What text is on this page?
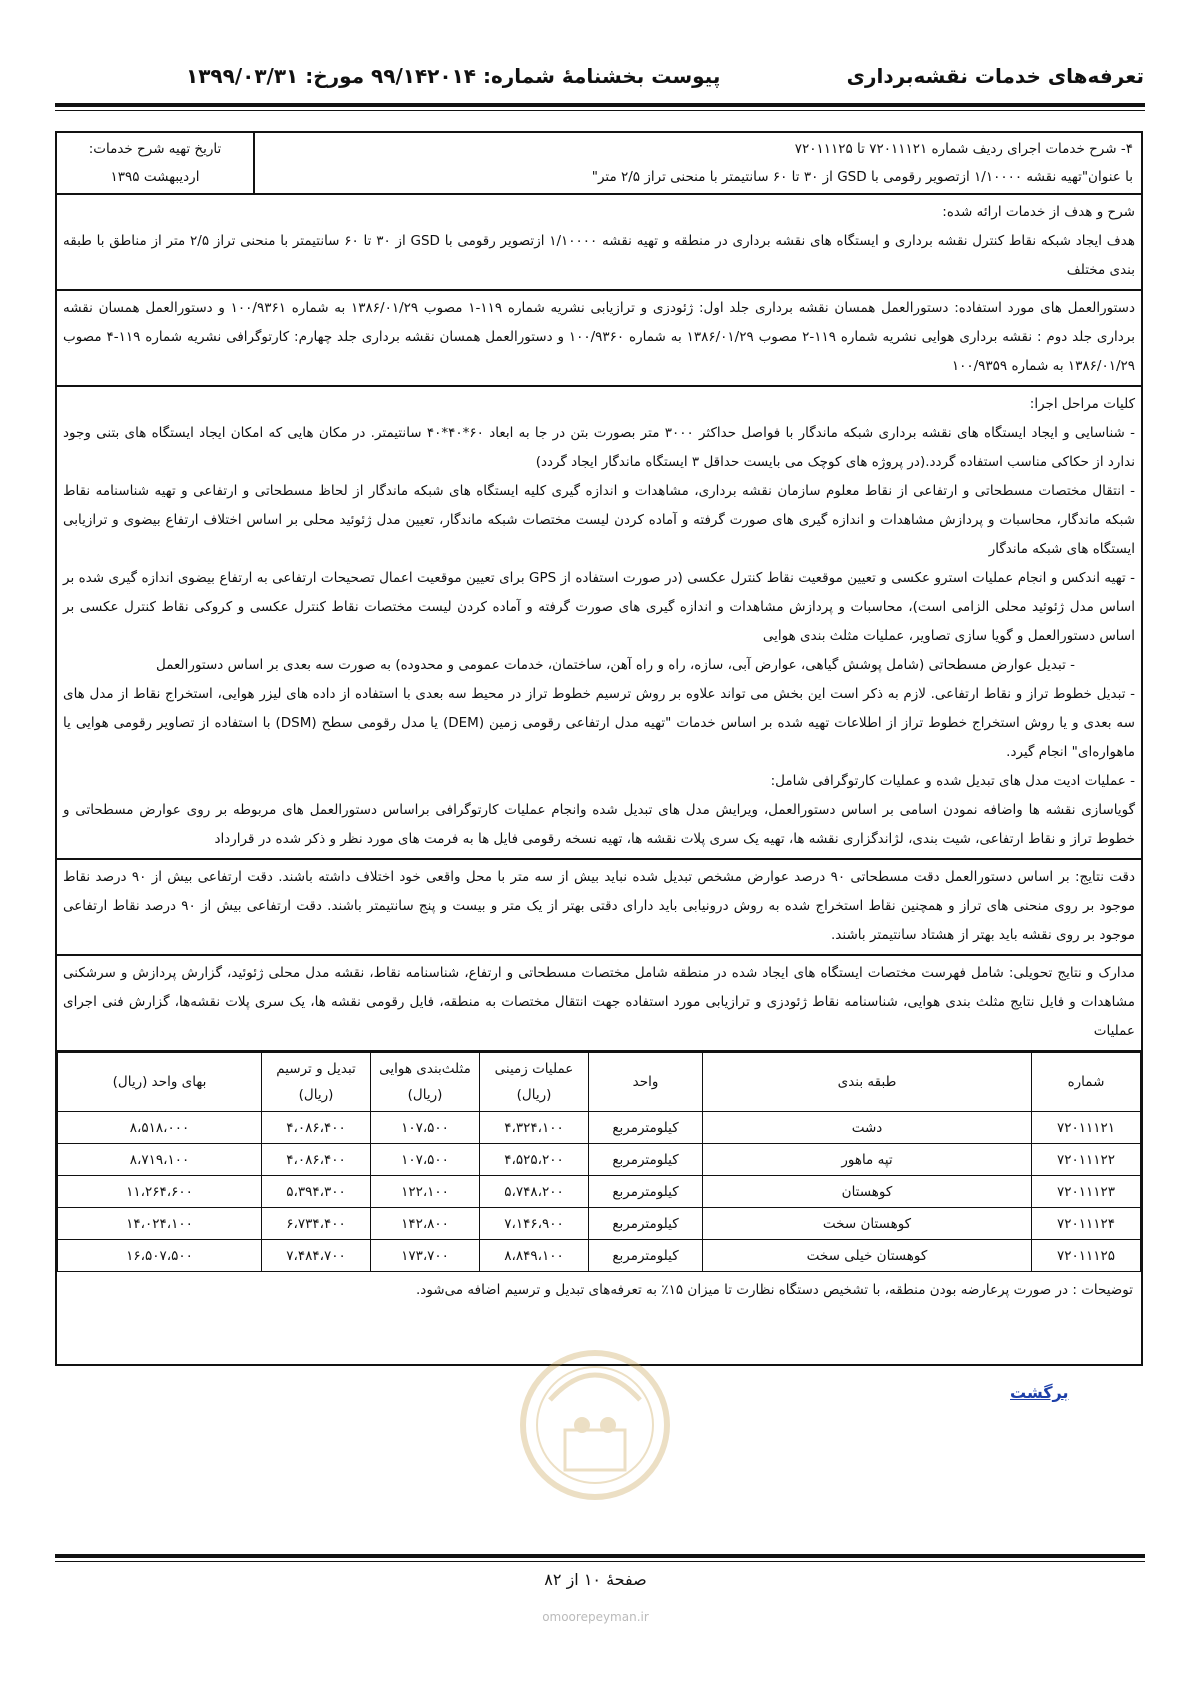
تعرفه‌های خدمات نقشه‌برداری
پیوست بخشنامۀ شماره: ۹۹/۱۴۲۰۱۴ مورخ: ۱۳۹۹/۰۳/۳۱

۴- شرح خدمات اجرای ردیف شماره ۷۲۰۱۱۱۲۱ تا ۷۲۰۱۱۱۲۵

با عنوان"تهیه نقشه ۱/۱۰۰۰۰ ازتصویر رقومی با GSD از ۳۰ تا ۶۰ سانتیمتر با منحنی تراز ۲/۵ متر"

تاریخ تهیه شرح خدمات:

اردیبهشت ۱۳۹۵

شرح و هدف از خدمات ارائه شده:

هدف ایجاد شبکه نقاط کنترل نقشه برداری و ایستگاه های نقشه برداری در منطقه و تهیه نقشه ۱/۱۰۰۰۰ ازتصویر رقومی با GSD از ۳۰ تا ۶۰ سانتیمتر با منحنی تراز ۲/۵ متر از مناطق با طبقه بندی مختلف

دستورالعمل های مورد استفاده: دستورالعمل همسان نقشه برداری جلد اول: ژئودزی و ترازیابی نشریه شماره ۱۱۹-۱ مصوب ۱۳۸۶/۰۱/۲۹ به شماره ۱۰۰/۹۳۶۱ و دستورالعمل همسان نقشه برداری جلد دوم : نقشه برداری هوایی نشریه شماره ۱۱۹-۲ مصوب ۱۳۸۶/۰۱/۲۹ به شماره ۱۰۰/۹۳۶۰ و دستورالعمل همسان نقشه برداری جلد چهارم: کارتوگرافی نشریه شماره ۱۱۹-۴ مصوب ۱۳۸۶/۰۱/۲۹ به شماره ۱۰۰/۹۳۵۹

کلیات مراحل اجرا:

- شناسایی و ایجاد ایستگاه های نقشه برداری شبکه ماندگار با فواصل حداکثر ۳۰۰۰ متر بصورت بتن در جا به ابعاد ۶۰*۴۰*۴۰ سانتیمتر. در مکان هایی که امکان ایجاد ایستگاه های بتنی وجود ندارد از حکاکی مناسب استفاده گردد.(در پروژه های کوچک می بایست حداقل ۳ ایستگاه ماندگار ایجاد گردد)

- انتقال مختصات مسطحاتی و ارتفاعی از نقاط معلوم سازمان نقشه برداری، مشاهدات و اندازه گیری کلیه ایستگاه های شبکه ماندگار از لحاظ مسطحاتی و ارتفاعی و تهیه شناسنامه نقاط شبکه ماندگار، محاسبات و پردازش مشاهدات و اندازه گیری های صورت گرفته و آماده کردن لیست مختصات شبکه ماندگار، تعیین مدل ژئوئید محلی بر اساس اختلاف ارتفاع بیضوی و ترازیابی ایستگاه های شبکه ماندگار

- تهیه اندکس و انجام عملیات استرو عکسی و تعیین موقعیت نقاط کنترل عکسی (در صورت استفاده از GPS برای تعیین موقعیت اعمال تصحیحات ارتفاعی به ارتفاع بیضوی اندازه گیری شده بر اساس مدل ژئوئید محلی الزامی است)، محاسبات و پردازش مشاهدات و اندازه گیری های صورت گرفته و آماده کردن لیست مختصات نقاط کنترل عکسی و کروکی نقاط کنترل عکسی بر اساس دستورالعمل و گویا سازی تصاویر، عملیات مثلث بندی هوایی

- تبدیل عوارض مسطحاتی (شامل پوشش گیاهی، عوارض آبی، سازه، راه و راه آهن، ساختمان، خدمات عمومی و محدوده) به صورت سه بعدی بر اساس دستورالعمل

- تبدیل خطوط تراز و نقاط ارتفاعی. لازم به ذکر است این بخش می تواند علاوه بر روش ترسیم خطوط تراز در محیط سه بعدی با استفاده از داده های لیزر هوایی، استخراج نقاط از مدل های سه بعدی و یا روش استخراج خطوط تراز از اطلاعات تهیه شده بر اساس خدمات "تهیه مدل ارتفاعی رقومی زمین (DEM) یا مدل رقومی سطح (DSM) با استفاده از تصاویر رقومی هوایی یا ماهواره‌ای" انجام گیرد.

- عملیات ادیت مدل های تبدیل شده و عملیات کارتوگرافی شامل:

گویاسازی نقشه ها واضافه نمودن اسامی بر اساس دستورالعمل، ویرایش مدل های تبدیل شده وانجام عملیات کارتوگرافی براساس دستورالعمل های مربوطه بر روی عوارض مسطحاتی و خطوط تراز و نقاط ارتفاعی، شیت بندی، لژاندگزاری نقشه ها، تهیه یک سری پلات نقشه ها، تهیه نسخه رقومی فایل ها به فرمت های مورد نظر و ذکر شده در قرارداد

دقت نتایج: بر اساس دستورالعمل دقت مسطحاتی ۹۰ درصد عوارض مشخص تبدیل شده نباید بیش از سه متر با محل واقعی خود اختلاف داشته باشند. دقت ارتفاعی بیش از ۹۰ درصد نقاط موجود بر روی منحنی های تراز و همچنین نقاط استخراج شده به روش درونیابی باید دارای دقتی بهتر از یک متر و بیست و پنج سانتیمتر باشند. دقت ارتفاعی بیش از ۹۰ درصد نقاط ارتفاعی موجود بر روی نقشه باید بهتر از هشتاد سانتیمتر باشند.

مدارک و نتایج تحویلی: شامل فهرست مختصات ایستگاه های ایجاد شده در منطقه شامل مختصات مسطحاتی و ارتفاع، شناسنامه نقاط، نقشه مدل محلی ژئوئید، گزارش پردازش و سرشکنی مشاهدات و فایل نتایج مثلث بندی هوایی، شناسنامه نقاط ژئودزی و ترازیابی مورد استفاده جهت انتقال مختصات به منطقه، فایل رقومی نقشه ها، یک سری پلات نقشه‌ها، گزارش فنی اجرای عملیات

شماره	طبقه بندی	واحد	عملیات زمینی (ریال)	مثلث‌بندی هوایی (ریال)	تبدیل و ترسیم (ریال)	بهای واحد (ریال)
۷۲۰۱۱۱۲۱	دشت	کیلومترمربع	۴،۳۲۴،۱۰۰	۱۰۷،۵۰۰	۴،۰۸۶،۴۰۰	۸،۵۱۸،۰۰۰
۷۲۰۱۱۱۲۲	تپه ماهور	کیلومترمربع	۴،۵۲۵،۲۰۰	۱۰۷،۵۰۰	۴،۰۸۶،۴۰۰	۸،۷۱۹،۱۰۰
۷۲۰۱۱۱۲۳	کوهستان	کیلومترمربع	۵،۷۴۸،۲۰۰	۱۲۲،۱۰۰	۵،۳۹۴،۳۰۰	۱۱،۲۶۴،۶۰۰
۷۲۰۱۱۱۲۴	کوهستان سخت	کیلومترمربع	۷،۱۴۶،۹۰۰	۱۴۲،۸۰۰	۶،۷۳۴،۴۰۰	۱۴،۰۲۴،۱۰۰
۷۲۰۱۱۱۲۵	کوهستان خیلی سخت	کیلومترمربع	۸،۸۴۹،۱۰۰	۱۷۳،۷۰۰	۷،۴۸۴،۷۰۰	۱۶،۵۰۷،۵۰۰
توضیحات : در صورت پرعارضه بودن منطقه، با تشخیص دستگاه نظارت تا میزان ۱۵٪ به تعرفه‌های تبدیل و ترسیم اضافه می‌شود.
برگشت
صفحۀ ۱۰ از ۸۲
omoorepeyman.ir
